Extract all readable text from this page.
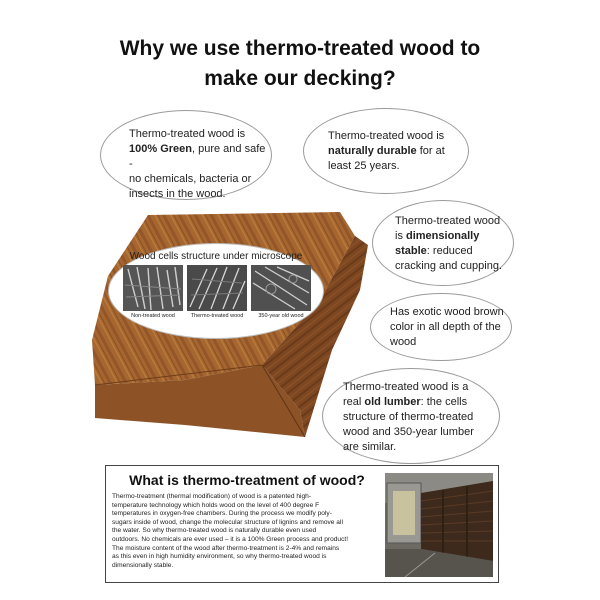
Why we use thermo-treated wood to
make our decking?
Wood cells structure under microscope
Non-treated wood	Thermo-treated wood	350-year old wood
Thermo-treated wood is
100% Green, pure and safe -
no chemicals, bacteria or
insects in the wood.
Thermo-treated wood is
naturally durable for at
least 25 years.
Thermo-treated wood
is dimensionally
stable: reduced
cracking and cupping.
Has exotic wood brown
color in all depth of the
wood
Thermo-treated wood is a
real old lumber: the cells
structure of thermo-treated
wood and 350-year lumber
are similar.
What is thermo-treatment of wood?
Thermo-treatment (thermal modification) of wood is a patented high-
temperature technology which holds wood on the level of 400 degree F
temperatures in oxygen-free chambers. During the process we modify poly-
sugars inside of wood, change the molecular structure of lignins and remove all
the water. So why thermo-treated wood is naturally durable even used
outdoors. No chemicals are ever used – it is a 100% Green process and product!
The moisture content of the wood after thermo-treatment is 2-4% and remains
as this even in high humidity environment, so why thermo-treated wood is
dimensionally stable.
